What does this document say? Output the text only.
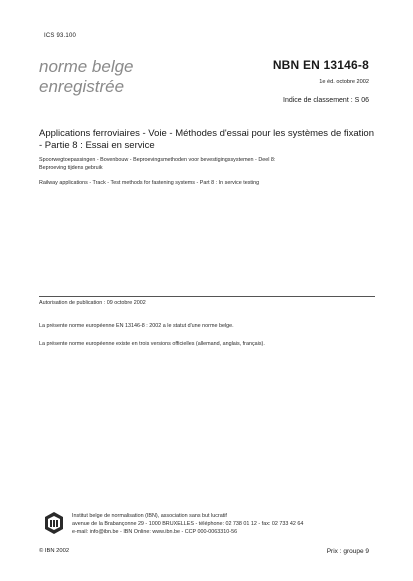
ICS 93.100
norme belge
enregistrée
NBN EN 13146-8
1e éd. octobre 2002
Indice de classement : S 06
Applications ferroviaires - Voie - Méthodes d'essai pour les systèmes de fixation - Partie 8 : Essai en service
Spoorwegtoepassingen - Bovenbouw - Beproevingsmethoden voor bevestigingssystemen - Deel 8:
Beproeving tijdens gebruik
Railway applications - Track - Test methods for fastening systems - Part 8 : In service testing
Autorisation de publication : 09 octobre 2002
La présente norme européenne EN 13146-8 : 2002 a le statut d'une norme belge.
La présente norme européenne existe en trois versions officielles (allemand, anglais, français).
Institut belge de normalisation (IBN), association sans but lucratif
avenue de la Brabançonne 29 - 1000 BRUXELLES - téléphone: 02 738 01 12 - fax: 02 733 42 64
e-mail: info@ibn.be - IBN Online: www.ibn.be - CCP 000-0063310-56
© IBN 2002	Prix : groupe 9
